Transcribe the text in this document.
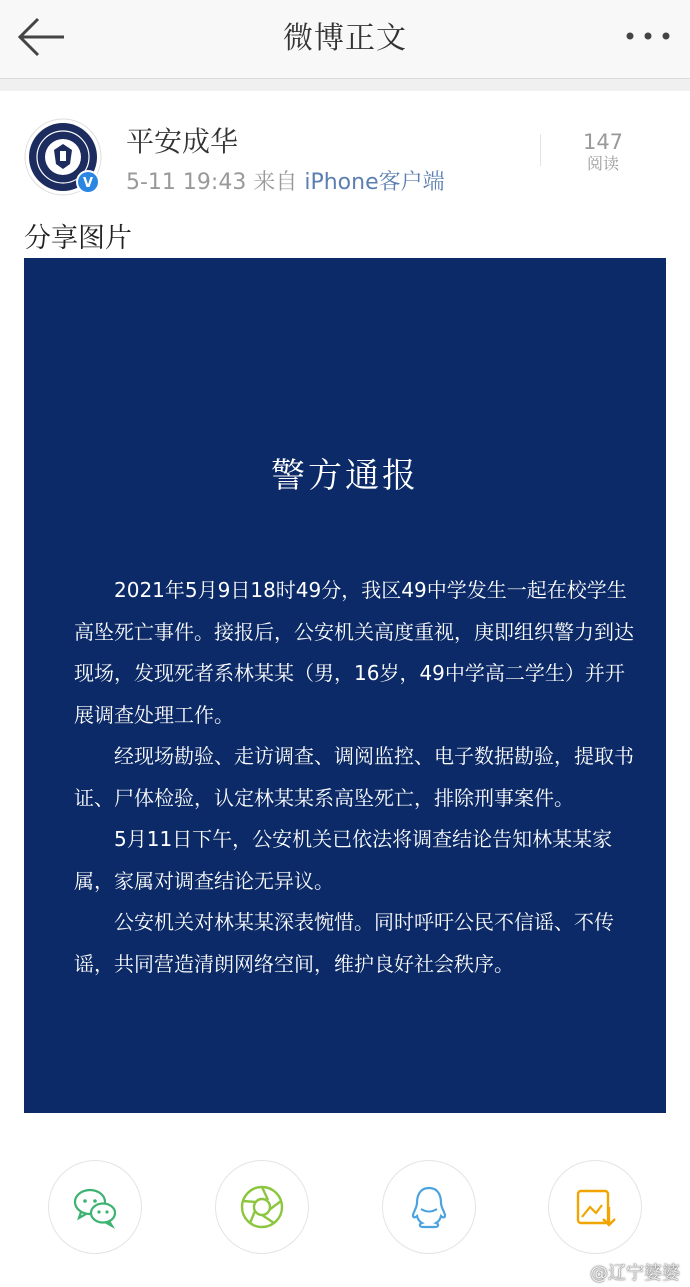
微博正文
V
平安成华
5-11 19:43 来自 iPhone客户端
147
阅读
分享图片
警方通报

2021年5月9日18时49分，我区49中学发生一起在校学生高坠死亡事件。接报后，公安机关高度重视，庚即组织警力到达现场，发现死者系林某某（男，16岁，49中学高二学生）并开展调查处理工作。

经现场勘验、走访调查、调阅监控、电子数据勘验，提取书证、尸体检验，认定林某某系高坠死亡，排除刑事案件。

5月11日下午，公安机关已依法将调查结论告知林某某家属，家属对调查结论无异议。

公安机关对林某某深表惋惜。同时呼吁公民不信谣、不传谣，共同营造清朗网络空间，维护良好社会秩序。

@辽宁婆婆
